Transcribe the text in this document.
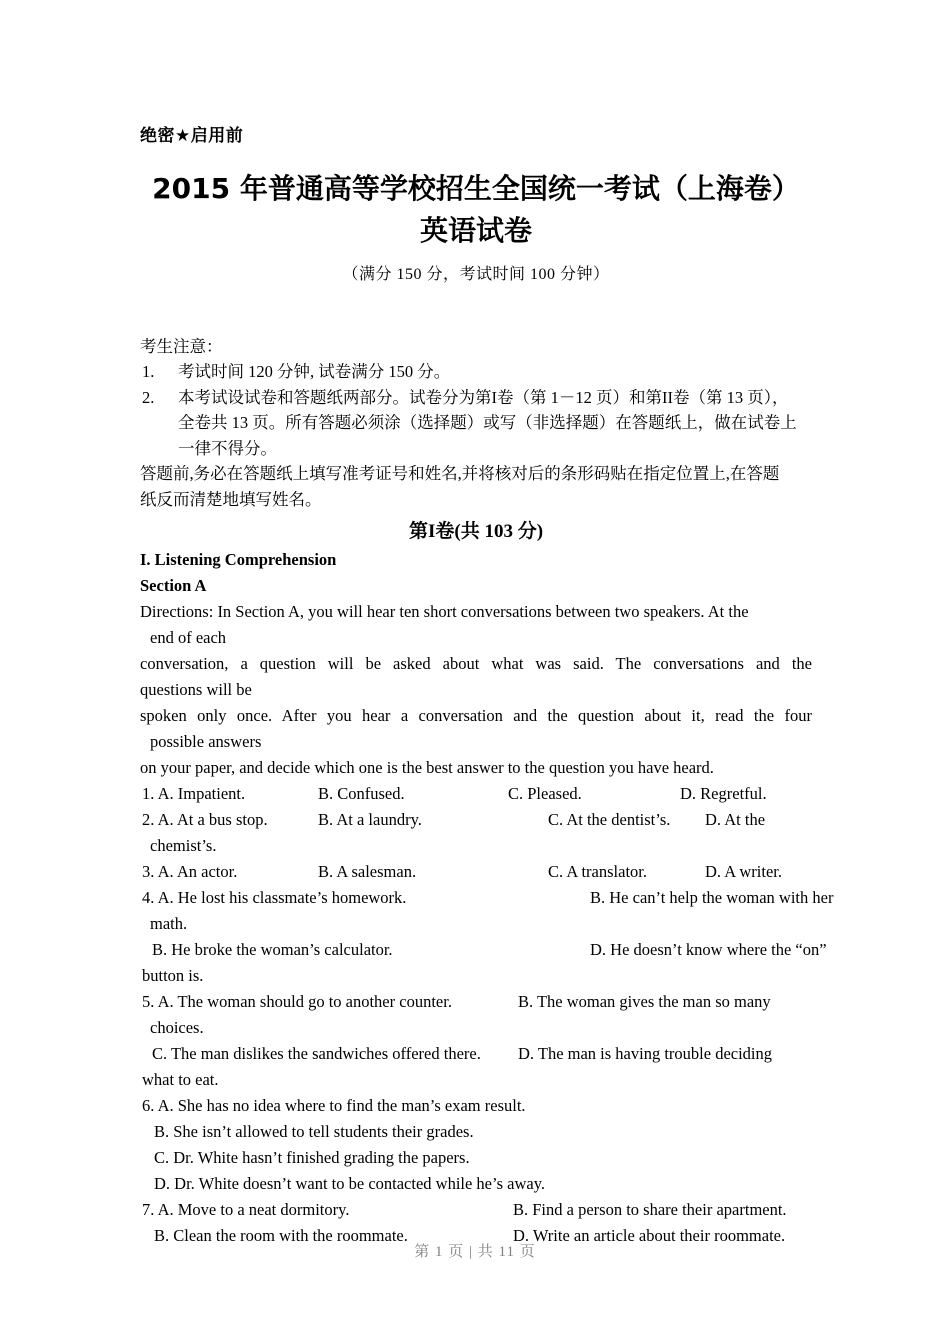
绝密★启用前
2015 年普通高等学校招生全国统一考试（上海卷）
英语试卷
（满分 150 分，考试时间 100 分钟）
考生注意：
1. 考试时间 120 分钟, 试卷满分 150 分。
2. 本考试设试卷和答题纸两部分。试卷分为第I卷（第 1－12 页）和第II卷（第 13 页），
全卷共 13 页。所有答题必须涂（选择题）或写（非选择题）在答题纸上，做在试卷上
一律不得分。
答题前,务必在答题纸上填写准考证号和姓名,并将核对后的条形码贴在指定位置上,在答题
纸反而清楚地填写姓名。
第I卷(共 103 分)
I. Listening Comprehension
Section A
Directions: In Section A, you will hear ten short conversations between two speakers. At the
end of each
conversation, a question will be asked about what was said. The conversations and the
questions will be
spoken only once. After you hear a conversation and the question about it, read the four
possible answers
on your paper, and decide which one is the best answer to the question you have heard.
1. A. Impatient.	B. Confused.	C. Pleased.	D. Regretful.
2. A. At a bus stop.	B. At a laundry.	C. At the dentist’s. D. At the
chemist’s.
3. A. An actor.	B. A salesman.	C. A translator.	D. A writer.
4. A. He lost his classmate’s homework.	B. He can’t help the woman with her
math.
B. He broke the woman’s calculator.	D. He doesn’t know where the “on”
button is.
5. A. The woman should go to another counter.	B. The woman gives the man so many
choices.
C. The man dislikes the sandwiches offered there. D. The man is having trouble deciding
what to eat.
6. A. She has no idea where to find the man’s exam result.
B. She isn’t allowed to tell students their grades.
C. Dr. White hasn’t finished grading the papers.
D. Dr. White doesn’t want to be contacted while he’s away.
7. A. Move to a neat dormitory.	B. Find a person to share their apartment.
B. Clean the room with the roommate.	D. Write an article about their roommate.
第 1 页 | 共 11 页
